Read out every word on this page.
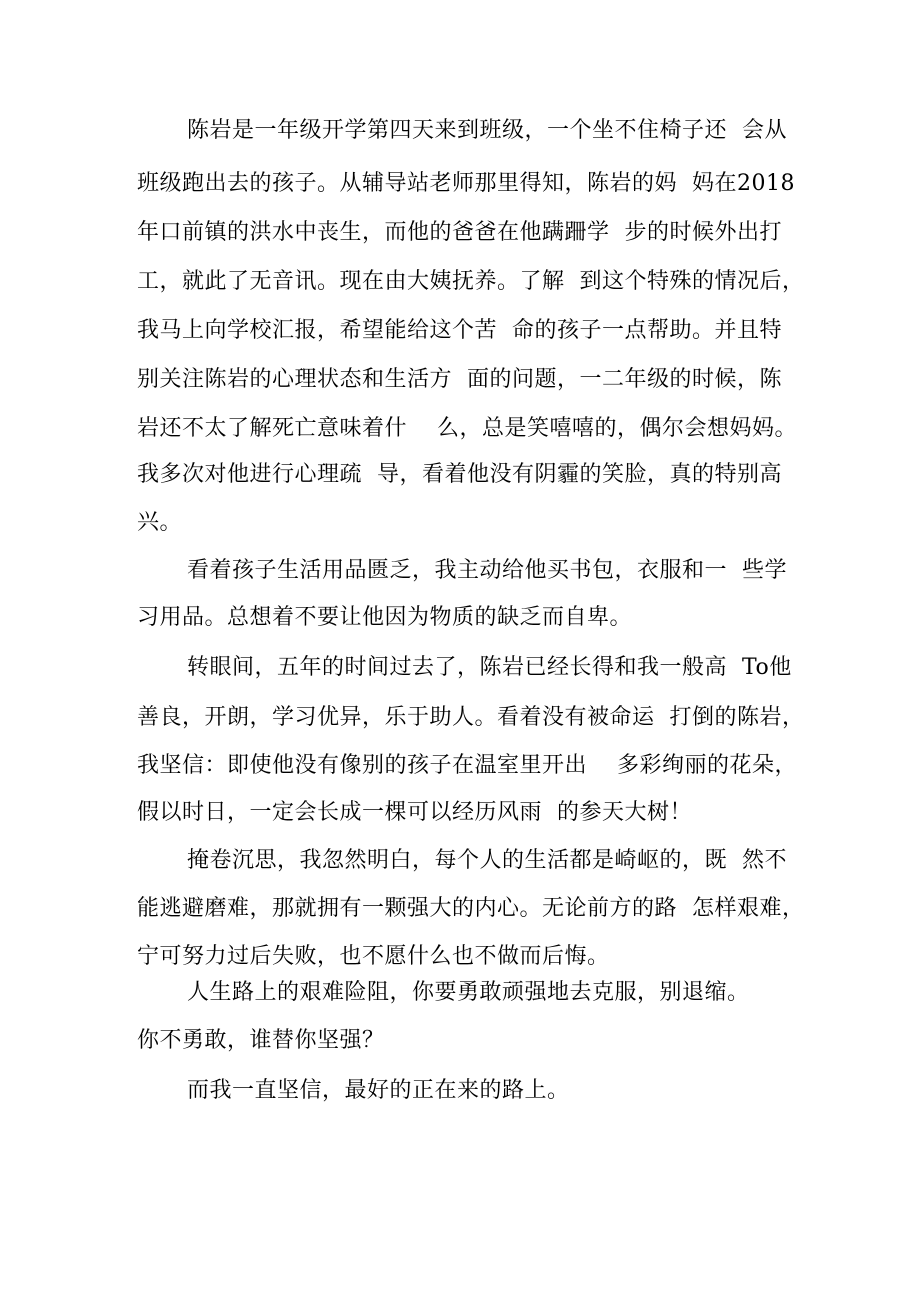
陈岩是一年级开学第四天来到班级，一个坐不住椅子还  会从
班级跑出去的孩子。从辅导站老师那里得知，陈岩的妈  妈在2018
年口前镇的洪水中丧生，而他的爸爸在他蹒跚学  步的时候外出打
工，就此了无音讯。现在由大姨抚养。了解  到这个特殊的情况后，
我马上向学校汇报，希望能给这个苦  命的孩子一点帮助。并且特
别关注陈岩的心理状态和生活方  面的问题，一二年级的时候，陈
岩还不太了解死亡意味着什    么，总是笑嘻嘻的，偶尔会想妈妈。
我多次对他进行心理疏  导，看着他没有阴霾的笑脸，真的特别高
兴。
看着孩子生活用品匮乏，我主动给他买书包，衣服和一  些学
习用品。总想着不要让他因为物质的缺乏而自卑。
转眼间，五年的时间过去了，陈岩已经长得和我一般高  To他
善良，开朗，学习优异，乐于助人。看着没有被命运  打倒的陈岩，
我坚信：即使他没有像别的孩子在温室里开出    多彩绚丽的花朵，
假以时日，一定会长成一棵可以经历风雨  的参天大树！
掩卷沉思，我忽然明白，每个人的生活都是崎岖的，既  然不
能逃避磨难，那就拥有一颗强大的内心。无论前方的路  怎样艰难，
宁可努力过后失败，也不愿什么也不做而后悔。
人生路上的艰难险阻，你要勇敢顽强地去克服，别退缩。
你不勇敢，谁替你坚强？
而我一直坚信，最好的正在来的路上。
